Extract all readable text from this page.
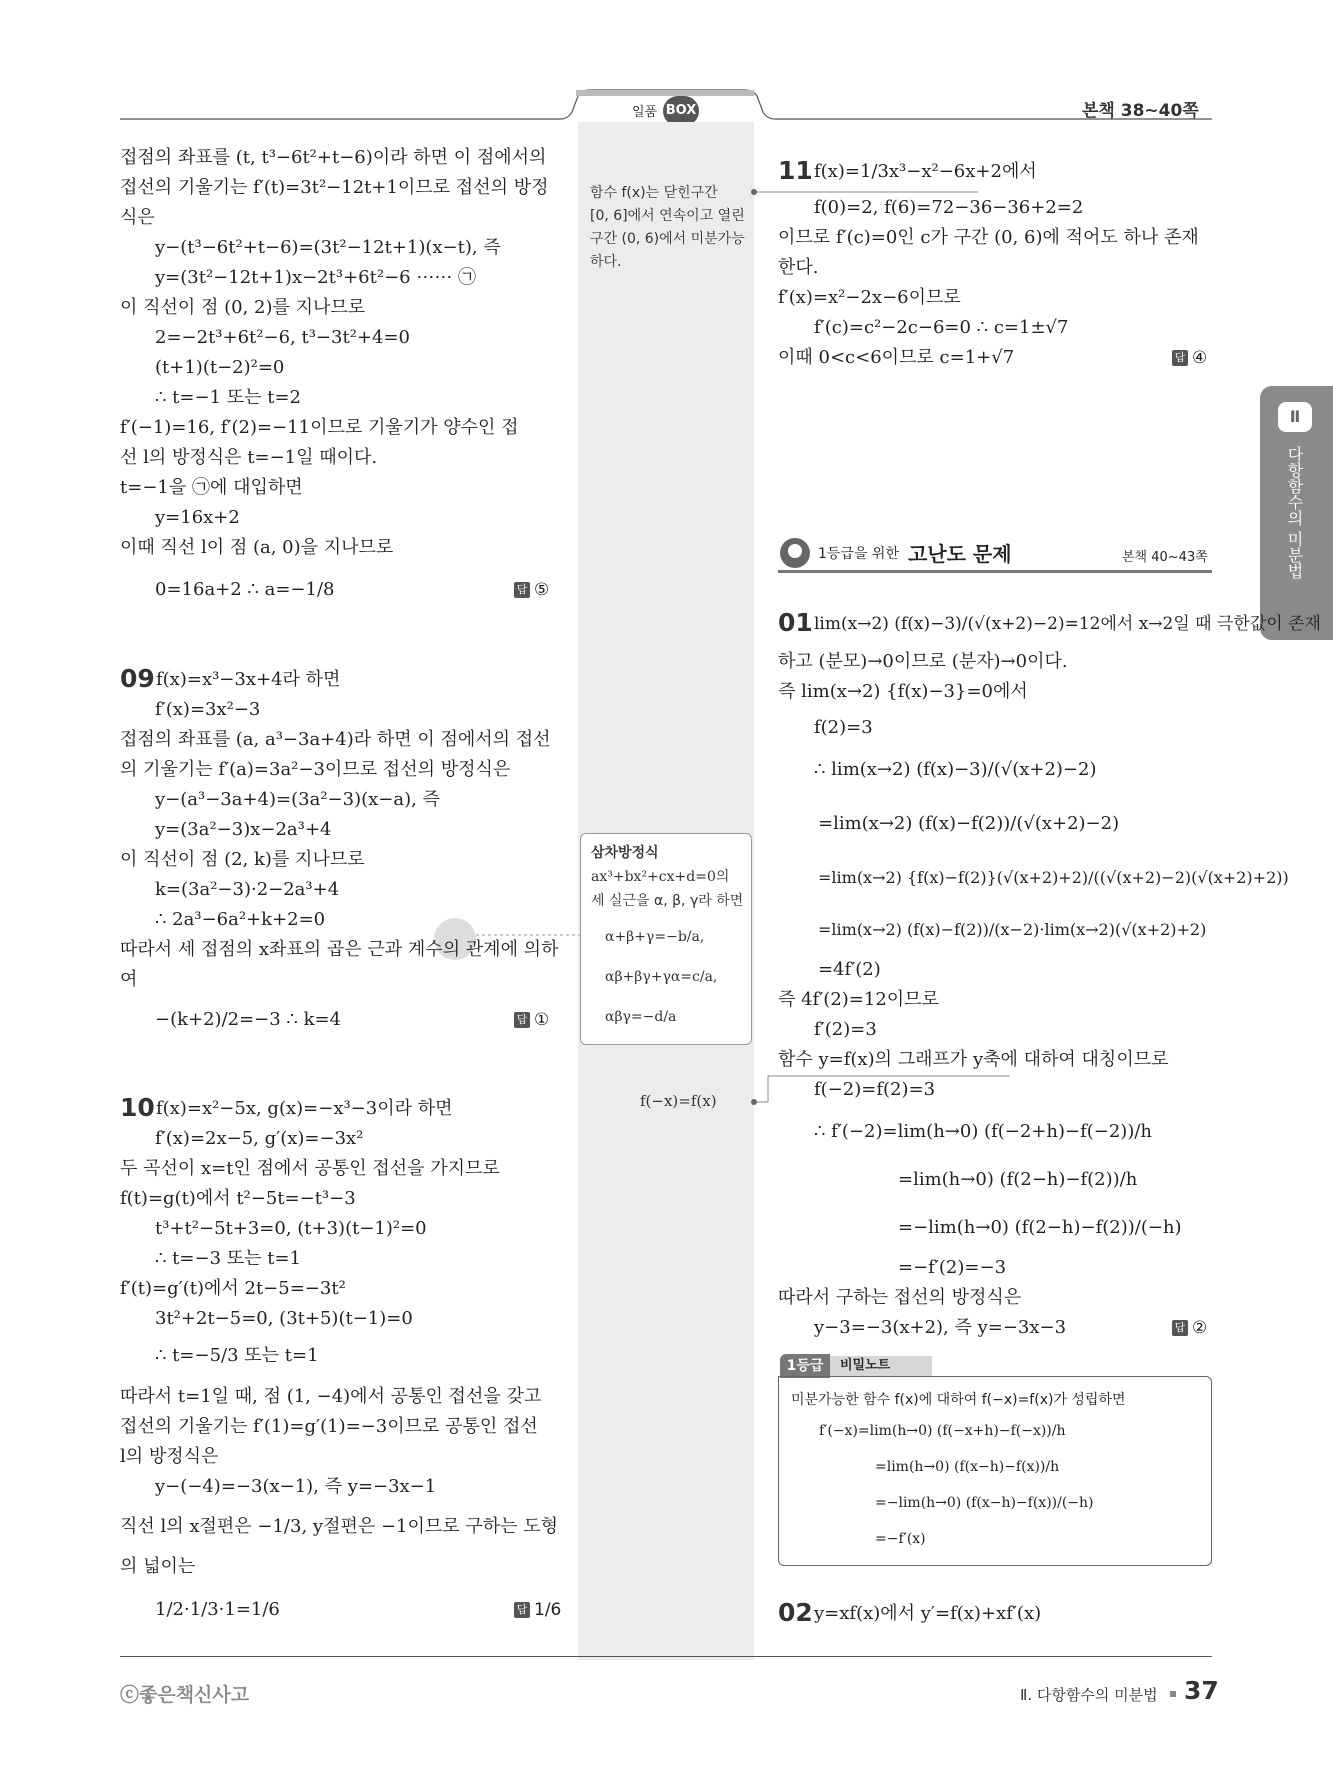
일품 BOX	본책 38~40쪽
Ⅱ
다항함수의 미분법
접점의 좌표를 (t, t³−6t²+t−6)이라 하면 이 점에서의
접선의 기울기는 f′(t)=3t²−12t+1이므로 접선의 방정
식은
y−(t³−6t²+t−6)=(3t²−12t+1)(x−t), 즉
y=(3t²−12t+1)x−2t³+6t²−6 ⋯⋯ ㉠
이 직선이 점 (0, 2)를 지나므로
2=−2t³+6t²−6, t³−3t²+4=0
(t+1)(t−2)²=0
∴ t=−1 또는 t=2
f′(−1)=16, f′(2)=−11이므로 기울기가 양수인 접
선 l의 방정식은 t=−1일 때이다.
t=−1을 ㉠에 대입하면
y=16x+2
이때 직선 l이 점 (a, 0)을 지나므로
0=16a+2 ∴ a=−1/8	답 ⑤
09 f(x)=x³−3x+4라 하면
f′(x)=3x²−3
접점의 좌표를 (a, a³−3a+4)라 하면 이 점에서의 접선
의 기울기는 f′(a)=3a²−3이므로 접선의 방정식은
y−(a³−3a+4)=(3a²−3)(x−a), 즉
y=(3a²−3)x−2a³+4
이 직선이 점 (2, k)를 지나므로
k=(3a²−3)·2−2a³+4
∴ 2a³−6a²+k+2=0
따라서 세 접점의 x좌표의 곱은 근과 계수의 관계에 의하
여
−(k+2)/2=−3 ∴ k=4	답 ①
10 f(x)=x²−5x, g(x)=−x³−3이라 하면
f′(x)=2x−5, g′(x)=−3x²
두 곡선이 x=t인 점에서 공통인 접선을 가지므로
f(t)=g(t)에서 t²−5t=−t³−3
t³+t²−5t+3=0, (t+3)(t−1)²=0
∴ t=−3 또는 t=1
f′(t)=g′(t)에서 2t−5=−3t²
3t²+2t−5=0, (3t+5)(t−1)=0
∴ t=−5/3 또는 t=1
따라서 t=1일 때, 점 (1, −4)에서 공통인 접선을 갖고
접선의 기울기는 f′(1)=g′(1)=−3이므로 공통인 접선
l의 방정식은
y−(−4)=−3(x−1), 즉 y=−3x−1
직선 l의 x절편은 −1/3, y절편은 −1이므로 구하는 도형
의 넓이는
1/2·1/3·1=1/6	답 1/6
함수 f(x)는 닫힌구간
[0, 6]에서 연속이고 열린
구간 (0, 6)에서 미분가능
하다.
삼차방정식
ax³+bx²+cx+d=0의
세 실근을 α, β, γ라 하면
α+β+γ=−b/a,
αβ+βγ+γα=c/a,
αβγ=−d/a
f(−x)=f(x)
11 f(x)=1/3x³−x²−6x+2에서
f(0)=2, f(6)=72−36−36+2=2
이므로 f′(c)=0인 c가 구간 (0, 6)에 적어도 하나 존재
한다.
f′(x)=x²−2x−6이므로
f′(c)=c²−2c−6=0 ∴ c=1±√7
이때 0<c<6이므로 c=1+√7	답 ④
1등급을 위한 고난도 문제	본책 40~43쪽
01 lim(x→2) (f(x)−3)/(√(x+2)−2)=12에서 x→2일 때 극한값이 존재
하고 (분모)→0이므로 (분자)→0이다.
즉 lim(x→2) {f(x)−3}=0에서
f(2)=3
∴ lim(x→2) (f(x)−3)/(√(x+2)−2)
=lim(x→2) (f(x)−f(2))/(√(x+2)−2)
=lim(x→2) {f(x)−f(2)}(√(x+2)+2)/((√(x+2)−2)(√(x+2)+2))
=lim(x→2) (f(x)−f(2))/(x−2)·lim(x→2)(√(x+2)+2)
=4f′(2)
즉 4f′(2)=12이므로
f′(2)=3
함수 y=f(x)의 그래프가 y축에 대하여 대칭이므로
f(−2)=f(2)=3
∴ f′(−2)=lim(h→0) (f(−2+h)−f(−2))/h
=lim(h→0) (f(2−h)−f(2))/h
=−lim(h→0) (f(2−h)−f(2))/(−h)
=−f′(2)=−3
따라서 구하는 접선의 방정식은
y−3=−3(x+2), 즉 y=−3x−3	답 ②
1등급	비밀노트
미분가능한 함수 f(x)에 대하여 f(−x)=f(x)가 성립하면
f′(−x)=lim(h→0) (f(−x+h)−f(−x))/h
=lim(h→0) (f(x−h)−f(x))/h
=−lim(h→0) (f(x−h)−f(x))/(−h)
=−f′(x)
02 y=xf(x)에서 y′=f(x)+xf′(x)
ⓒ좋은책신사고	Ⅱ. 다항함수의 미분법 37
